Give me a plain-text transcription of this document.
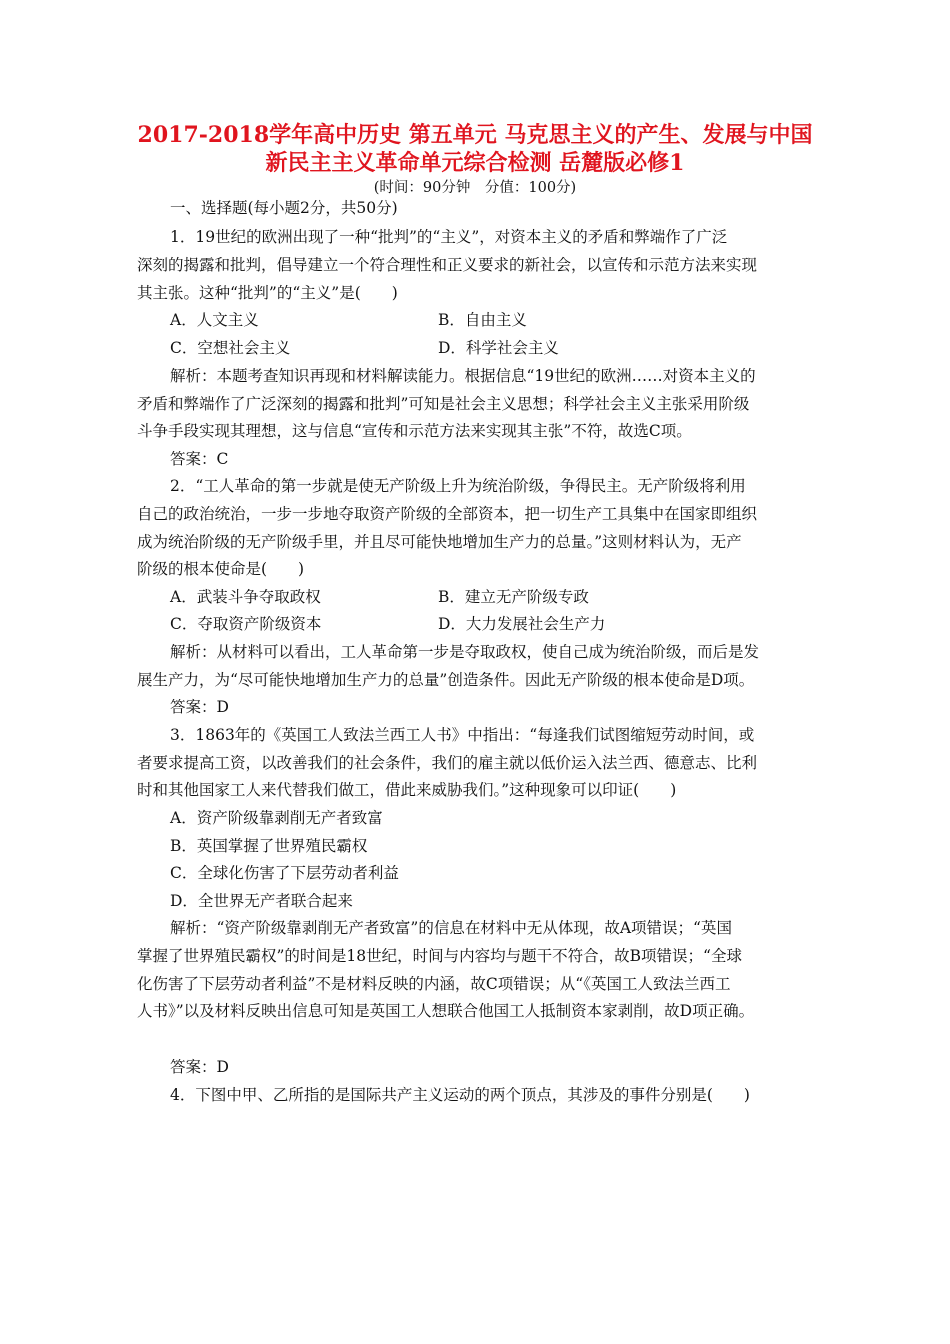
2017-2018学年高中历史 第五单元 马克思主义的产生、发展与中国
新民主主义革命单元综合检测 岳麓版必修1
(时间：90分钟　分值：100分)
一、选择题(每小题2分，共50分)
1．19世纪的欧洲出现了一种“批判”的“主义”，对资本主义的矛盾和弊端作了广泛
深刻的揭露和批判，倡导建立一个符合理性和正义要求的新社会，以宣传和示范方法来实现
其主张。这种“批判”的“主义”是(　　)
A．人文主义	B．自由主义
C．空想社会主义	D．科学社会主义
解析：本题考查知识再现和材料解读能力。根据信息“19世纪的欧洲……对资本主义的
矛盾和弊端作了广泛深刻的揭露和批判”可知是社会主义思想；科学社会主义主张采用阶级
斗争手段实现其理想，这与信息“宣传和示范方法来实现其主张”不符，故选C项。
答案：C
2．“工人革命的第一步就是使无产阶级上升为统治阶级，争得民主。无产阶级将利用
自己的政治统治，一步一步地夺取资产阶级的全部资本，把一切生产工具集中在国家即组织
成为统治阶级的无产阶级手里，并且尽可能快地增加生产力的总量。”这则材料认为，无产
阶级的根本使命是(　　)
A．武装斗争夺取政权	B．建立无产阶级专政
C．夺取资产阶级资本	D．大力发展社会生产力
解析：从材料可以看出，工人革命第一步是夺取政权，使自己成为统治阶级，而后是发
展生产力，为“尽可能快地增加生产力的总量”创造条件。因此无产阶级的根本使命是D项。
答案：D
3．1863年的《英国工人致法兰西工人书》中指出：“每逢我们试图缩短劳动时间，或
者要求提高工资，以改善我们的社会条件，我们的雇主就以低价运入法兰西、德意志、比利
时和其他国家工人来代替我们做工，借此来威胁我们。”这种现象可以印证(　　)
A．资产阶级靠剥削无产者致富
B．英国掌握了世界殖民霸权
C．全球化伤害了下层劳动者利益
D．全世界无产者联合起来
解析：“资产阶级靠剥削无产者致富”的信息在材料中无从体现，故A项错误；“英国
掌握了世界殖民霸权”的时间是18世纪，时间与内容均与题干不符合，故B项错误；“全球
化伤害了下层劳动者利益”不是材料反映的内涵，故C项错误；从“《英国工人致法兰西工
人书》”以及材料反映出信息可知是英国工人想联合他国工人抵制资本家剥削，故D项正确。
答案：D
4．下图中甲、乙所指的是国际共产主义运动的两个顶点，其涉及的事件分别是(　　)
